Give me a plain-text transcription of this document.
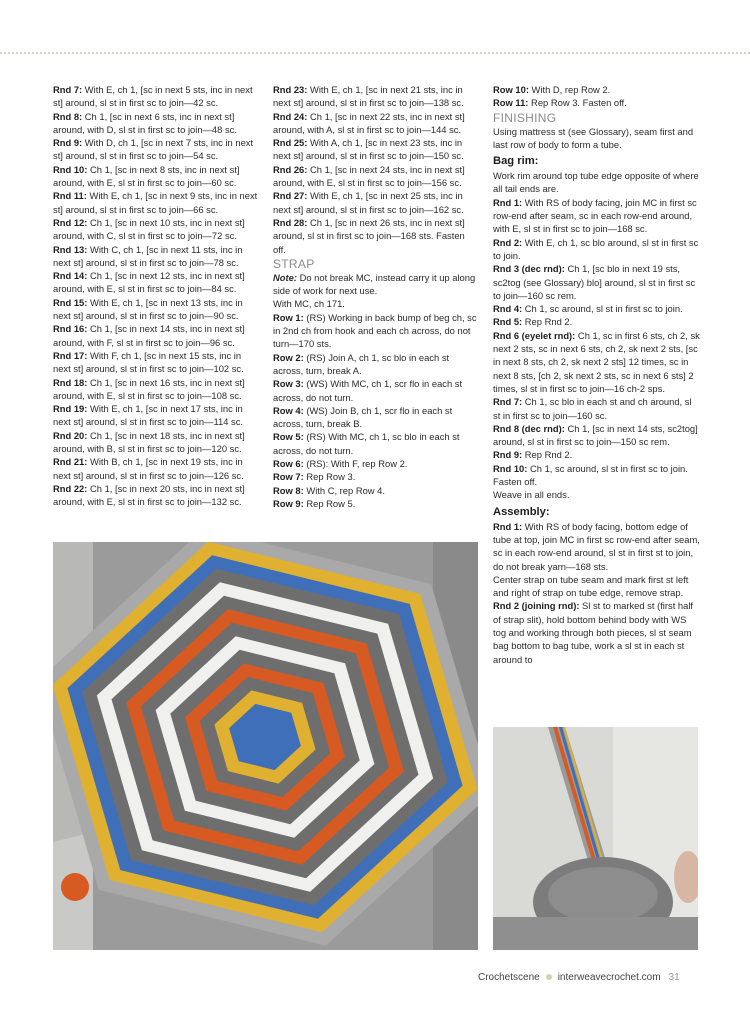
Rnd 7: With E, ch 1, [sc in next 5 sts, inc in next st] around, sl st in first sc to join—42 sc.

Rnd 8: Ch 1, [sc in next 6 sts, inc in next st] around, with D, sl st in first sc to join—48 sc.

Rnd 9: With D, ch 1, [sc in next 7 sts, inc in next st] around, sl st in first sc to join—54 sc.

Rnd 10: Ch 1, [sc in next 8 sts, inc in next st] around, with E, sl st in first sc to join—60 sc.

Rnd 11: With E, ch 1, [sc in next 9 sts, inc in next st] around, sl st in first sc to join—66 sc.

Rnd 12: Ch 1, [sc in next 10 sts, inc in next st] around, with C, sl st in first sc to join—72 sc.

Rnd 13: With C, ch 1, [sc in next 11 sts, inc in next st] around, sl st in first sc to join—78 sc.

Rnd 14: Ch 1, [sc in next 12 sts, inc in next st] around, with E, sl st in first sc to join—84 sc.

Rnd 15: With E, ch 1, [sc in next 13 sts, inc in next st] around, sl st in first sc to join—90 sc.

Rnd 16: Ch 1, [sc in next 14 sts, inc in next st] around, with F, sl st in first sc to join—96 sc.

Rnd 17: With F, ch 1, [sc in next 15 sts, inc in next st] around, sl st in first sc to join—102 sc.

Rnd 18: Ch 1, [sc in next 16 sts, inc in next st] around, with E, sl st in first sc to join—108 sc.

Rnd 19: With E, ch 1, [sc in next 17 sts, inc in next st] around, sl st in first sc to join—114 sc.

Rnd 20: Ch 1, [sc in next 18 sts, inc in next st] around, with B, sl st in first sc to join—120 sc.

Rnd 21: With B, ch 1, [sc in next 19 sts, inc in next st] around, sl st in first sc to join—126 sc.

Rnd 22: Ch 1, [sc in next 20 sts, inc in next st] around, with E, sl st in first sc to join—132 sc.

Rnd 23: With E, ch 1, [sc in next 21 sts, inc in next st] around, sl st in first sc to join—138 sc.

Rnd 24: Ch 1, [sc in next 22 sts, inc in next st] around, with A, sl st in first sc to join—144 sc.

Rnd 25: With A, ch 1, [sc in next 23 sts, inc in next st] around, sl st in first sc to join—150 sc.

Rnd 26: Ch 1, [sc in next 24 sts, inc in next st] around, with E, sl st in first sc to join—156 sc.

Rnd 27: With E, ch 1, [sc in next 25 sts, inc in next st] around, sl st in first sc to join—162 sc.

Rnd 28: Ch 1, [sc in next 26 sts, inc in next st] around, sl st in first sc to join—168 sts. Fasten off.

STRAP

Note: Do not break MC, instead carry it up along side of work for next use.

With MC, ch 171.

Row 1: (RS) Working in back bump of beg ch, sc in 2nd ch from hook and each ch across, do not turn—170 sts.

Row 2: (RS) Join A, ch 1, sc blo in each st across, turn, break A.

Row 3: (WS) With MC, ch 1, scr flo in each st across, do not turn.

Row 4: (WS) Join B, ch 1, scr flo in each st across, turn, break B.

Row 5: (RS) With MC, ch 1, sc blo in each st across, do not turn.

Row 6: (RS): With F, rep Row 2.

Row 7: Rep Row 3.

Row 8: With C, rep Row 4.

Row 9: Rep Row 5.

Row 10: With D, rep Row 2.

Row 11: Rep Row 3. Fasten off.

FINISHING

Using mattress st (see Glossary), seam first and last row of body to form a tube.

Bag rim:

Work rim around top tube edge opposite of where all tail ends are.

Rnd 1: With RS of body facing, join MC in first sc row-end after seam, sc in each row-end around, with E, sl st in first sc to join—168 sc.

Rnd 2: With E, ch 1, sc blo around, sl st in first sc to join.

Rnd 3 (dec rnd): Ch 1, [sc blo in next 19 sts, sc2tog (see Glossary) blo] around, sl st in first sc to join—160 sc rem.

Rnd 4: Ch 1, sc around, sl st in first sc to join.

Rnd 5: Rep Rnd 2.

Rnd 6 (eyelet rnd): Ch 1, sc in first 6 sts, ch 2, sk next 2 sts, sc in next 6 sts, ch 2, sk next 2 sts, [sc in next 8 sts, ch 2, sk next 2 sts] 12 times, sc in next 8 sts, [ch 2, sk next 2 sts, sc in next 6 sts] 2 times, sl st in first sc to join—16 ch-2 sps.

Rnd 7: Ch 1, sc blo in each st and ch around, sl st in first sc to join—160 sc.

Rnd 8 (dec rnd): Ch 1, [sc in next 14 sts, sc2tog] around, sl st in first sc to join—150 sc rem.

Rnd 9: Rep Rnd 2.

Rnd 10: Ch 1, sc around, sl st in first sc to join. Fasten off.

Weave in all ends.

Assembly:

Rnd 1: With RS of body facing, bottom edge of tube at top, join MC in first sc row-end after seam, sc in each row-end around, sl st in first st to join, do not break yarn—168 sts.

Center strap on tube seam and mark first st left and right of strap on tube edge, remove strap.

Rnd 2 (joining rnd): Sl st to marked st (first half of strap slit), hold bottom behind body with WS tog and working through both pieces, sl st seam bag bottom to bag tube, work a sl st in each st around to

Crochetscene interweavecrochet.com 31
